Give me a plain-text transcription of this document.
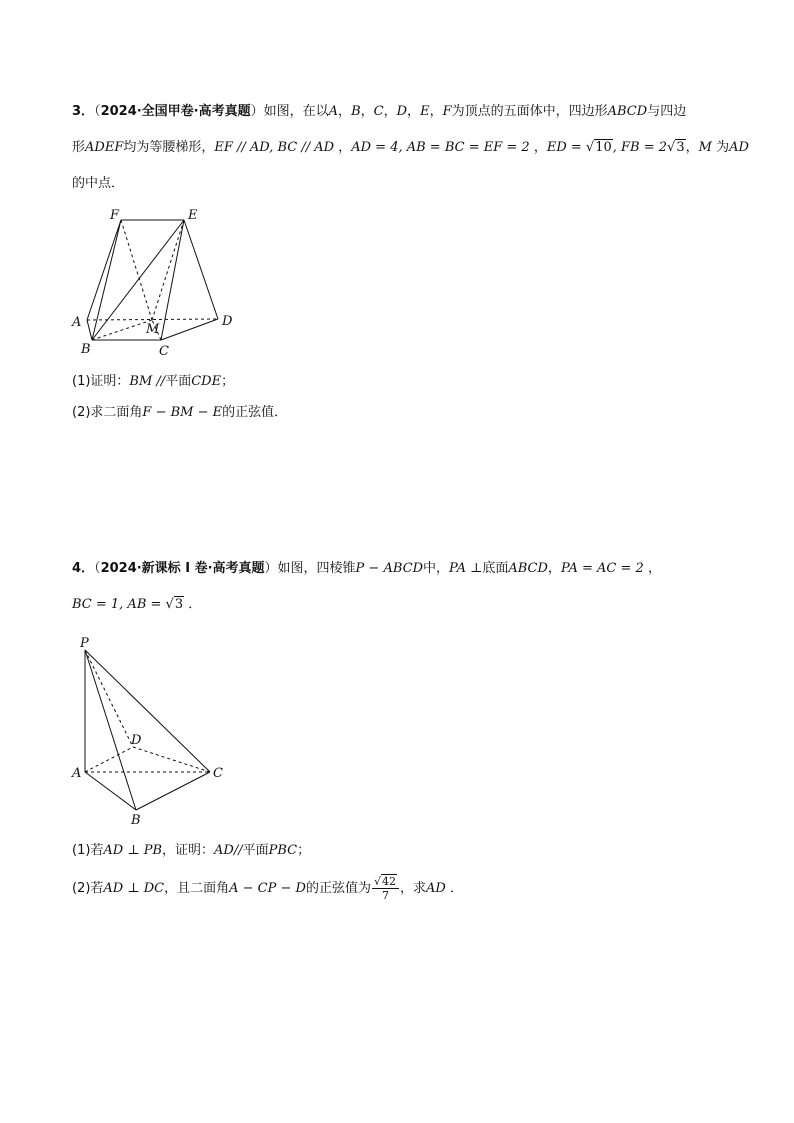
3．（2024·全国甲卷·高考真题）如图，在以A，B，C，D，E，F为顶点的五面体中，四边形ABCD与四边
形ADEF均为等腰梯形，EF // AD, BC // AD ，AD = 4, AB = BC = EF = 2 ，ED = √10, FB = 2√3，M 为AD
的中点．
F	E
A	M
D
B	C
(1)证明：BM //平面CDE；
(2)求二面角F − BM − E的正弦值．
4．（2024·新课标 I 卷·高考真题）如图，四棱锥P − ABCD中，PA ⊥底面ABCD，PA = AC = 2 ，
BC = 1, AB = √3 ．
P
D
A	C
B
(1)若AD ⊥ PB，证明：AD//平面PBC；
(2)若AD ⊥ DC，且二面角A − CP − D的正弦值为 $\frac{√42}{7}$ ，求AD ．
